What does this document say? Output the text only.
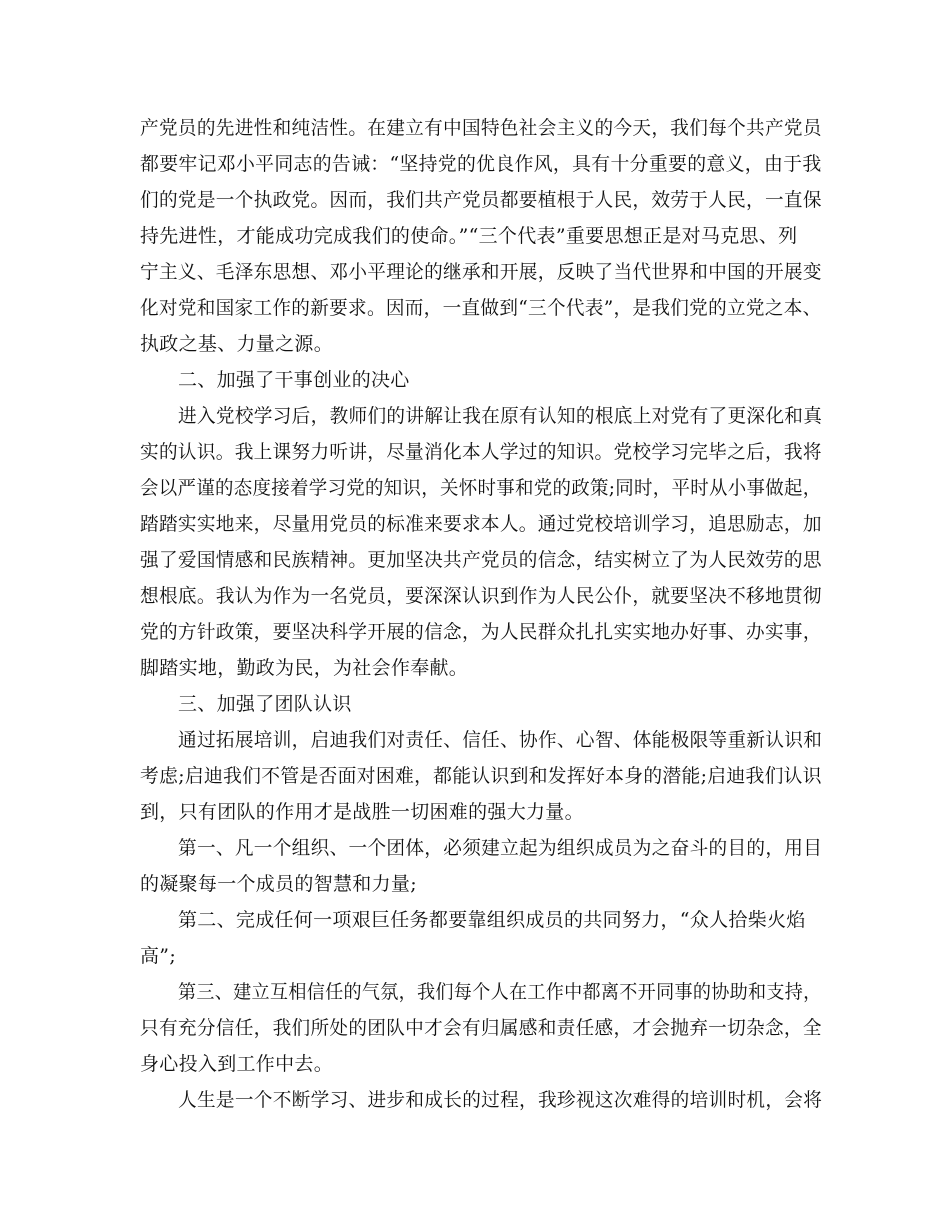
产党员的先进性和纯洁性。在建立有中国特色社会主义的今天，我们每个共产党员
都要牢记邓小平同志的告诫：“坚持党的优良作风，具有十分重要的意义，由于我
们的党是一个执政党。因而，我们共产党员都要植根于人民，效劳于人民，一直保
持先进性，才能成功完成我们的使命。”“三个代表”重要思想正是对马克思、列
宁主义、毛泽东思想、邓小平理论的继承和开展，反映了当代世界和中国的开展变
化对党和国家工作的新要求。因而，一直做到“三个代表”，是我们党的立党之本、
执政之基、力量之源。
二、加强了干事创业的决心
进入党校学习后，教师们的讲解让我在原有认知的根底上对党有了更深化和真
实的认识。我上课努力听讲，尽量消化本人学过的知识。党校学习完毕之后，我将
会以严谨的态度接着学习党的知识，关怀时事和党的政策;同时，平时从小事做起，
踏踏实实地来，尽量用党员的标准来要求本人。通过党校培训学习，追思励志，加
强了爱国情感和民族精神。更加坚决共产党员的信念，结实树立了为人民效劳的思
想根底。我认为作为一名党员，要深深认识到作为人民公仆，就要坚决不移地贯彻
党的方针政策，要坚决科学开展的信念，为人民群众扎扎实实地办好事、办实事，
脚踏实地，勤政为民，为社会作奉献。
三、加强了团队认识
通过拓展培训，启迪我们对责任、信任、协作、心智、体能极限等重新认识和
考虑;启迪我们不管是否面对困难，都能认识到和发挥好本身的潜能;启迪我们认识
到，只有团队的作用才是战胜一切困难的强大力量。
第一、凡一个组织、一个团体，必须建立起为组织成员为之奋斗的目的，用目
的凝聚每一个成员的智慧和力量;
第二、完成任何一项艰巨任务都要靠组织成员的共同努力，“众人拾柴火焰
高”;
第三、建立互相信任的气氛，我们每个人在工作中都离不开同事的协助和支持，
只有充分信任，我们所处的团队中才会有归属感和责任感，才会抛弃一切杂念，全
身心投入到工作中去。
人生是一个不断学习、进步和成长的过程，我珍视这次难得的培训时机，会将
